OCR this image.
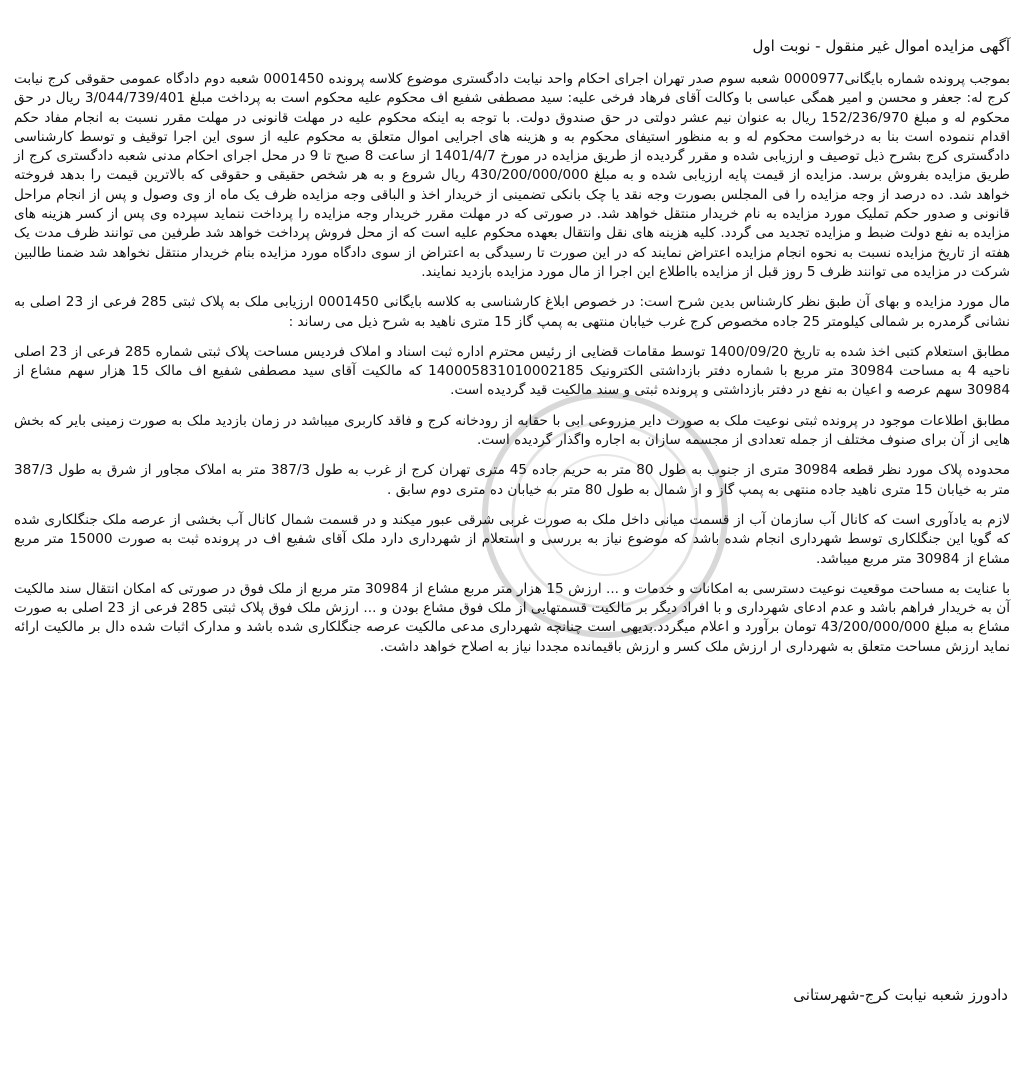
آگهی مزایده اموال غیر منقول - نوبت اول

بموجب پرونده شماره بایگانی0000977 شعبه سوم صدر تهران اجرای احکام واحد نیابت دادگستری موضوع کلاسه پرونده 0001450 شعبه دوم دادگاه عمومی حقوقی کرج نیابت کرج له: جعفر و محسن و امیر همگی عباسی با وکالت آقای فرهاد فرخی علیه: سید مصطفی شفیع اف محکوم علیه محکوم است به پرداخت مبلغ 3/044/739/401 ریال در حق محکوم له و مبلغ 152/236/970 ریال به عنوان نیم عشر دولتی در حق صندوق دولت. با توجه به اینکه محکوم علیه در مهلت قانونی در مهلت مقرر نسبت به انجام مفاد حکم اقدام ننموده است بنا به درخواست محکوم له و به منظور استیفای محکوم به و هزینه های اجرایی اموال متعلق به محکوم علیه از سوی این اجرا توقیف و توسط کارشناسی دادگستری کرج بشرح ذیل توصیف و ارزیابی شده و مقرر گردیده از طریق مزایده در مورخ 1401/4/7 از ساعت 8 صبح تا 9 در محل اجرای احکام مدنی شعبه دادگستری کرج از طریق مزایده بفروش برسد. مزایده از قیمت پایه ارزیابی شده و به مبلغ 430/200/000/000 ریال شروع و به هر شخص حقیقی و حقوقی که بالاترین قیمت را بدهد فروخته خواهد شد. ده درصد از وجه مزایده را فی المجلس بصورت وجه نقد یا چک بانکی تضمینی از خریدار اخذ و الباقی وجه مزایده ظرف یک ماه از وی وصول و پس از انجام مراحل قانونی و صدور حکم تملیک مورد مزایده به نام خریدار منتقل خواهد شد. در صورتی که در مهلت مقرر خریدار وجه مزایده را پرداخت ننماید سپرده وی پس از کسر هزینه های مزایده به نفع دولت ضبط و مزایده تجدید می گردد. کلیه هزینه های نقل وانتقال بعهده محکوم علیه است که از محل فروش پرداخت خواهد شد طرفین می توانند ظرف مدت یک هفته از تاریخ مزایده نسبت به نحوه انجام مزایده اعتراض نمایند که در این صورت تا رسیدگی به اعتراض از سوی دادگاه مورد مزایده بنام خریدار منتقل نخواهد شد ضمنا طالبین شرکت در مزایده می توانند ظرف 5 روز قبل از مزایده بااطلاع این اجرا از مال مورد مزایده بازدید نمایند.

مال مورد مزایده و بهای آن طبق نظر کارشناس بدین شرح است: در خصوص ابلاغ کارشناسی به کلاسه بایگانی 0001450 ارزیابی ملک به پلاک ثبتی 285 فرعی از 23 اصلی به نشانی گرمدره بر شمالی کیلومتر 25 جاده مخصوص کرج غرب خیابان منتهی به پمپ گاز 15 متری ناهید به شرح ذیل می رساند :

مطابق استعلام کتبی اخذ شده به تاریخ 1400/09/20 توسط مقامات قضایی از رئیس محترم اداره ثبت اسناد و املاک فردیس مساحت پلاک ثبتی شماره 285 فرعی از 23 اصلی ناحیه 4 به مساحت 30984 متر مربع با شماره دفتر بازداشتی الکترونیک 140005831010002185 که مالکیت آقای سید مصطفی شفیع اف مالک 15 هزار سهم مشاع از 30984 سهم عرصه و اعیان به نفع در دفتر بازداشتی و پرونده ثبتی و سند مالکیت قید گردیده است.

مطابق اطلاعات موجود در پرونده ثبتی نوعیت ملک به صورت دایر مزروعی ابی با حقابه از رودخانه کرج و فاقد کاربری میباشد در زمان بازدید ملک به صورت زمینی بایر که بخش هایی از آن برای صنوف مختلف از جمله تعدادی از مجسمه سازان به اجاره واگذار گردیده است.

محدوده پلاک مورد نظر قطعه 30984 متری از جنوب به طول 80 متر به حریم جاده 45 متری تهران کرج از غرب به طول 387/3 متر به املاک مجاور از شرق به طول 387/3 متر به خیابان 15 متری ناهید جاده منتهی به پمپ گاز و از شمال به طول 80 متر به خیابان ده متری دوم سابق .

لازم به یادآوری است که کانال آب سازمان آب از قسمت میانی داخل ملک به صورت غربی شرقی عبور میکند و در قسمت شمال کانال آب بخشی از عرصه ملک جنگلکاری شده که گویا این جنگلکاری توسط شهرداری انجام شده باشد که موضوع نیاز به بررسی و استعلام از شهرداری دارد ملک آقای شفیع اف در پرونده ثبت به صورت 15000 متر مربع مشاع از 30984 متر مربع میباشد.

با عنایت به مساحت موقعیت نوعیت دسترسی به امکانات و خدمات و ... ارزش 15 هزار متر مربع مشاع از 30984 متر مربع از ملک فوق در صورتی که امکان انتقال سند مالکیت آن به خریدار فراهم باشد و عدم ادعای شهرداری و با افراد دیگر بر مالکیت قسمتهایی از ملک فوق مشاع بودن و ... ارزش ملک فوق پلاک ثبتی 285 فرعی از 23 اصلی به صورت مشاع به مبلغ 43/200/000/000 تومان برآورد و اعلام میگردد.بدیهی است چنانچه شهرداری مدعی مالکیت عرصه جنگلکاری شده باشد و مدارک اثبات شده دال بر مالکیت ارائه نماید ارزش مساحت متعلق به شهرداری ار ارزش ملک کسر و ارزش باقیمانده مجددا نیاز به اصلاح خواهد داشت.

دادورز شعبه نیابت کرج-شهرستانی
